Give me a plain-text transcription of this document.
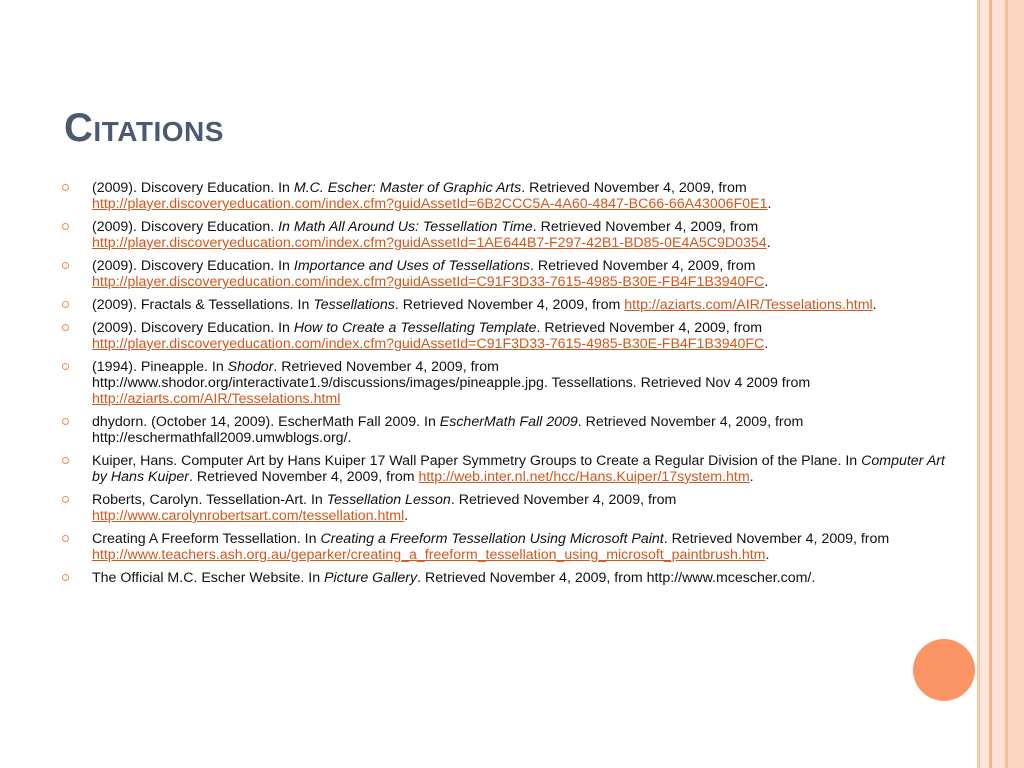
Citations
(2009). Discovery Education. In M.C. Escher: Master of Graphic Arts. Retrieved November 4, 2009, from http://player.discoveryeducation.com/index.cfm?guidAssetId=6B2CCC5A-4A60-4847-BC66-66A43006F0E1.
(2009). Discovery Education. In Math All Around Us: Tessellation Time. Retrieved November 4, 2009, from http://player.discoveryeducation.com/index.cfm?guidAssetId=1AE644B7-F297-42B1-BD85-0E4A5C9D0354.
(2009). Discovery Education. In Importance and Uses of Tessellations. Retrieved November 4, 2009, from http://player.discoveryeducation.com/index.cfm?guidAssetId=C91F3D33-7615-4985-B30E-FB4F1B3940FC.
(2009). Fractals & Tessellations. In Tessellations. Retrieved November 4, 2009, from http://aziarts.com/AIR/Tesselations.html.
(2009). Discovery Education. In How to Create a Tessellating Template. Retrieved November 4, 2009, from http://player.discoveryeducation.com/index.cfm?guidAssetId=C91F3D33-7615-4985-B30E-FB4F1B3940FC.
(1994). Pineapple. In Shodor. Retrieved November 4, 2009, from http://www.shodor.org/interactivate1.9/discussions/images/pineapple.jpg. Tessellations. Retrieved Nov 4 2009 from http://aziarts.com/AIR/Tesselations.html
dhydorn. (October 14, 2009). EscherMath Fall 2009. In EscherMath Fall 2009. Retrieved November 4, 2009, from http://eschermathfall2009.umwblogs.org/.
Kuiper, Hans. Computer Art by Hans Kuiper 17 Wall Paper Symmetry Groups to Create a Regular Division of the Plane. In Computer Art by Hans Kuiper. Retrieved November 4, 2009, from http://web.inter.nl.net/hcc/Hans.Kuiper/17system.htm.
Roberts, Carolyn. Tessellation-Art. In Tessellation Lesson. Retrieved November 4, 2009, from http://www.carolynrobertsart.com/tessellation.html.
Creating A Freeform Tessellation. In Creating a Freeform Tessellation Using Microsoft Paint. Retrieved November 4, 2009, from http://www.teachers.ash.org.au/geparker/creating_a_freeform_tessellation_using_microsoft_paintbrush.htm.
The Official M.C. Escher Website. In Picture Gallery. Retrieved November 4, 2009, from http://www.mcescher.com/.
